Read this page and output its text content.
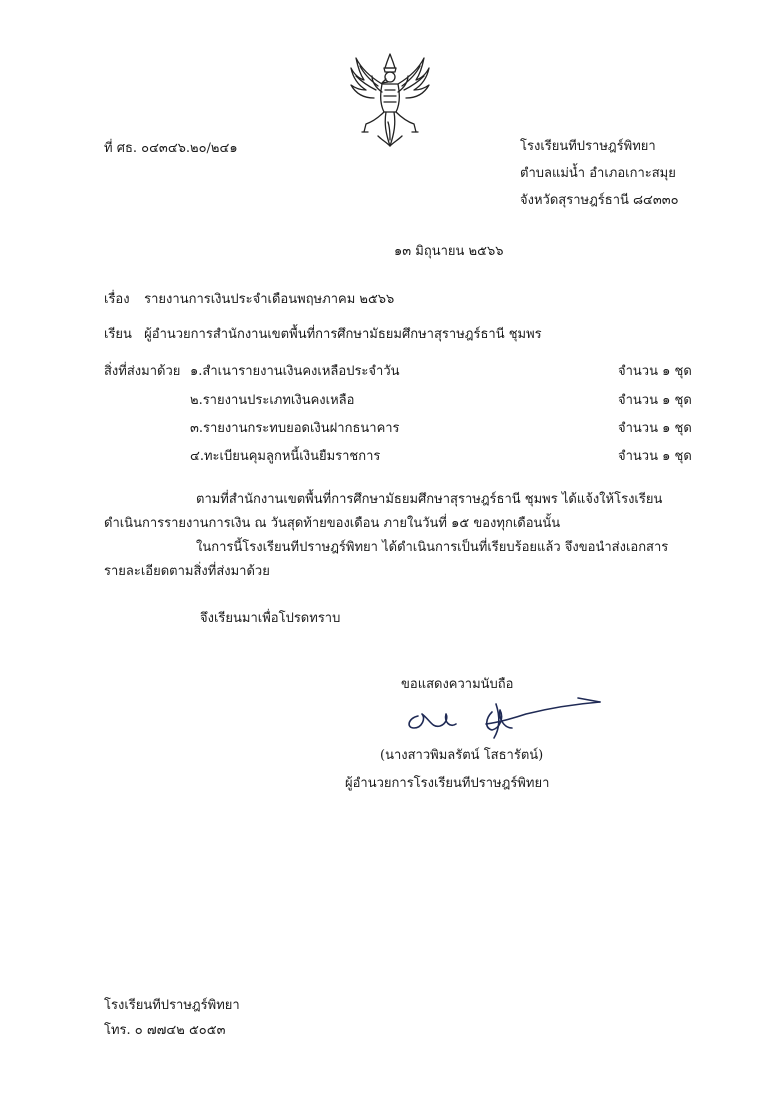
ที่ ศธ. ๐๔๓๔๖.๒๐/๒๔๑	โรงเรียนทีปราษฎร์พิทยา
ตำบลแม่น้ำ อำเภอเกาะสมุย
จังหวัดสุราษฎร์ธานี ๘๔๓๓๐
๑๓ มิถุนายน ๒๕๖๖
เรื่อง รายงานการเงินประจำเดือนพฤษภาคม ๒๕๖๖
เรียน ผู้อำนวยการสำนักงานเขตพื้นที่การศึกษามัธยมศึกษาสุราษฎร์ธานี ชุมพร
สิ่งที่ส่งมาด้วย ๑.สำเนารายงานเงินคงเหลือประจำวัน	จำนวน ๑ ชุด
๒.รายงานประเภทเงินคงเหลือ	จำนวน ๑ ชุด
๓.รายงานกระทบยอดเงินฝากธนาคาร	จำนวน ๑ ชุด
๔.ทะเบียนคุมลูกหนี้เงินยืมราชการ	จำนวน ๑ ชุด
ตามที่สำนักงานเขตพื้นที่การศึกษามัธยมศึกษาสุราษฎร์ธานี ชุมพร ได้แจ้งให้โรงเรียน
ดำเนินการรายงานการเงิน ณ วันสุดท้ายของเดือน ภายในวันที่ ๑๕ ของทุกเดือนนั้น
ในการนี้โรงเรียนทีปราษฎร์พิทยา ได้ดำเนินการเป็นที่เรียบร้อยแล้ว จึงขอนำส่งเอกสาร
รายละเอียดตามสิ่งที่ส่งมาด้วย
จึงเรียนมาเพื่อโปรดทราบ
ขอแสดงความนับถือ
(นางสาวพิมลรัตน์ โสธารัตน์)
ผู้อำนวยการโรงเรียนทีปราษฎร์พิทยา
โรงเรียนทีปราษฎร์พิทยา
โทร. ๐ ๗๗๔๒ ๕๐๕๓
